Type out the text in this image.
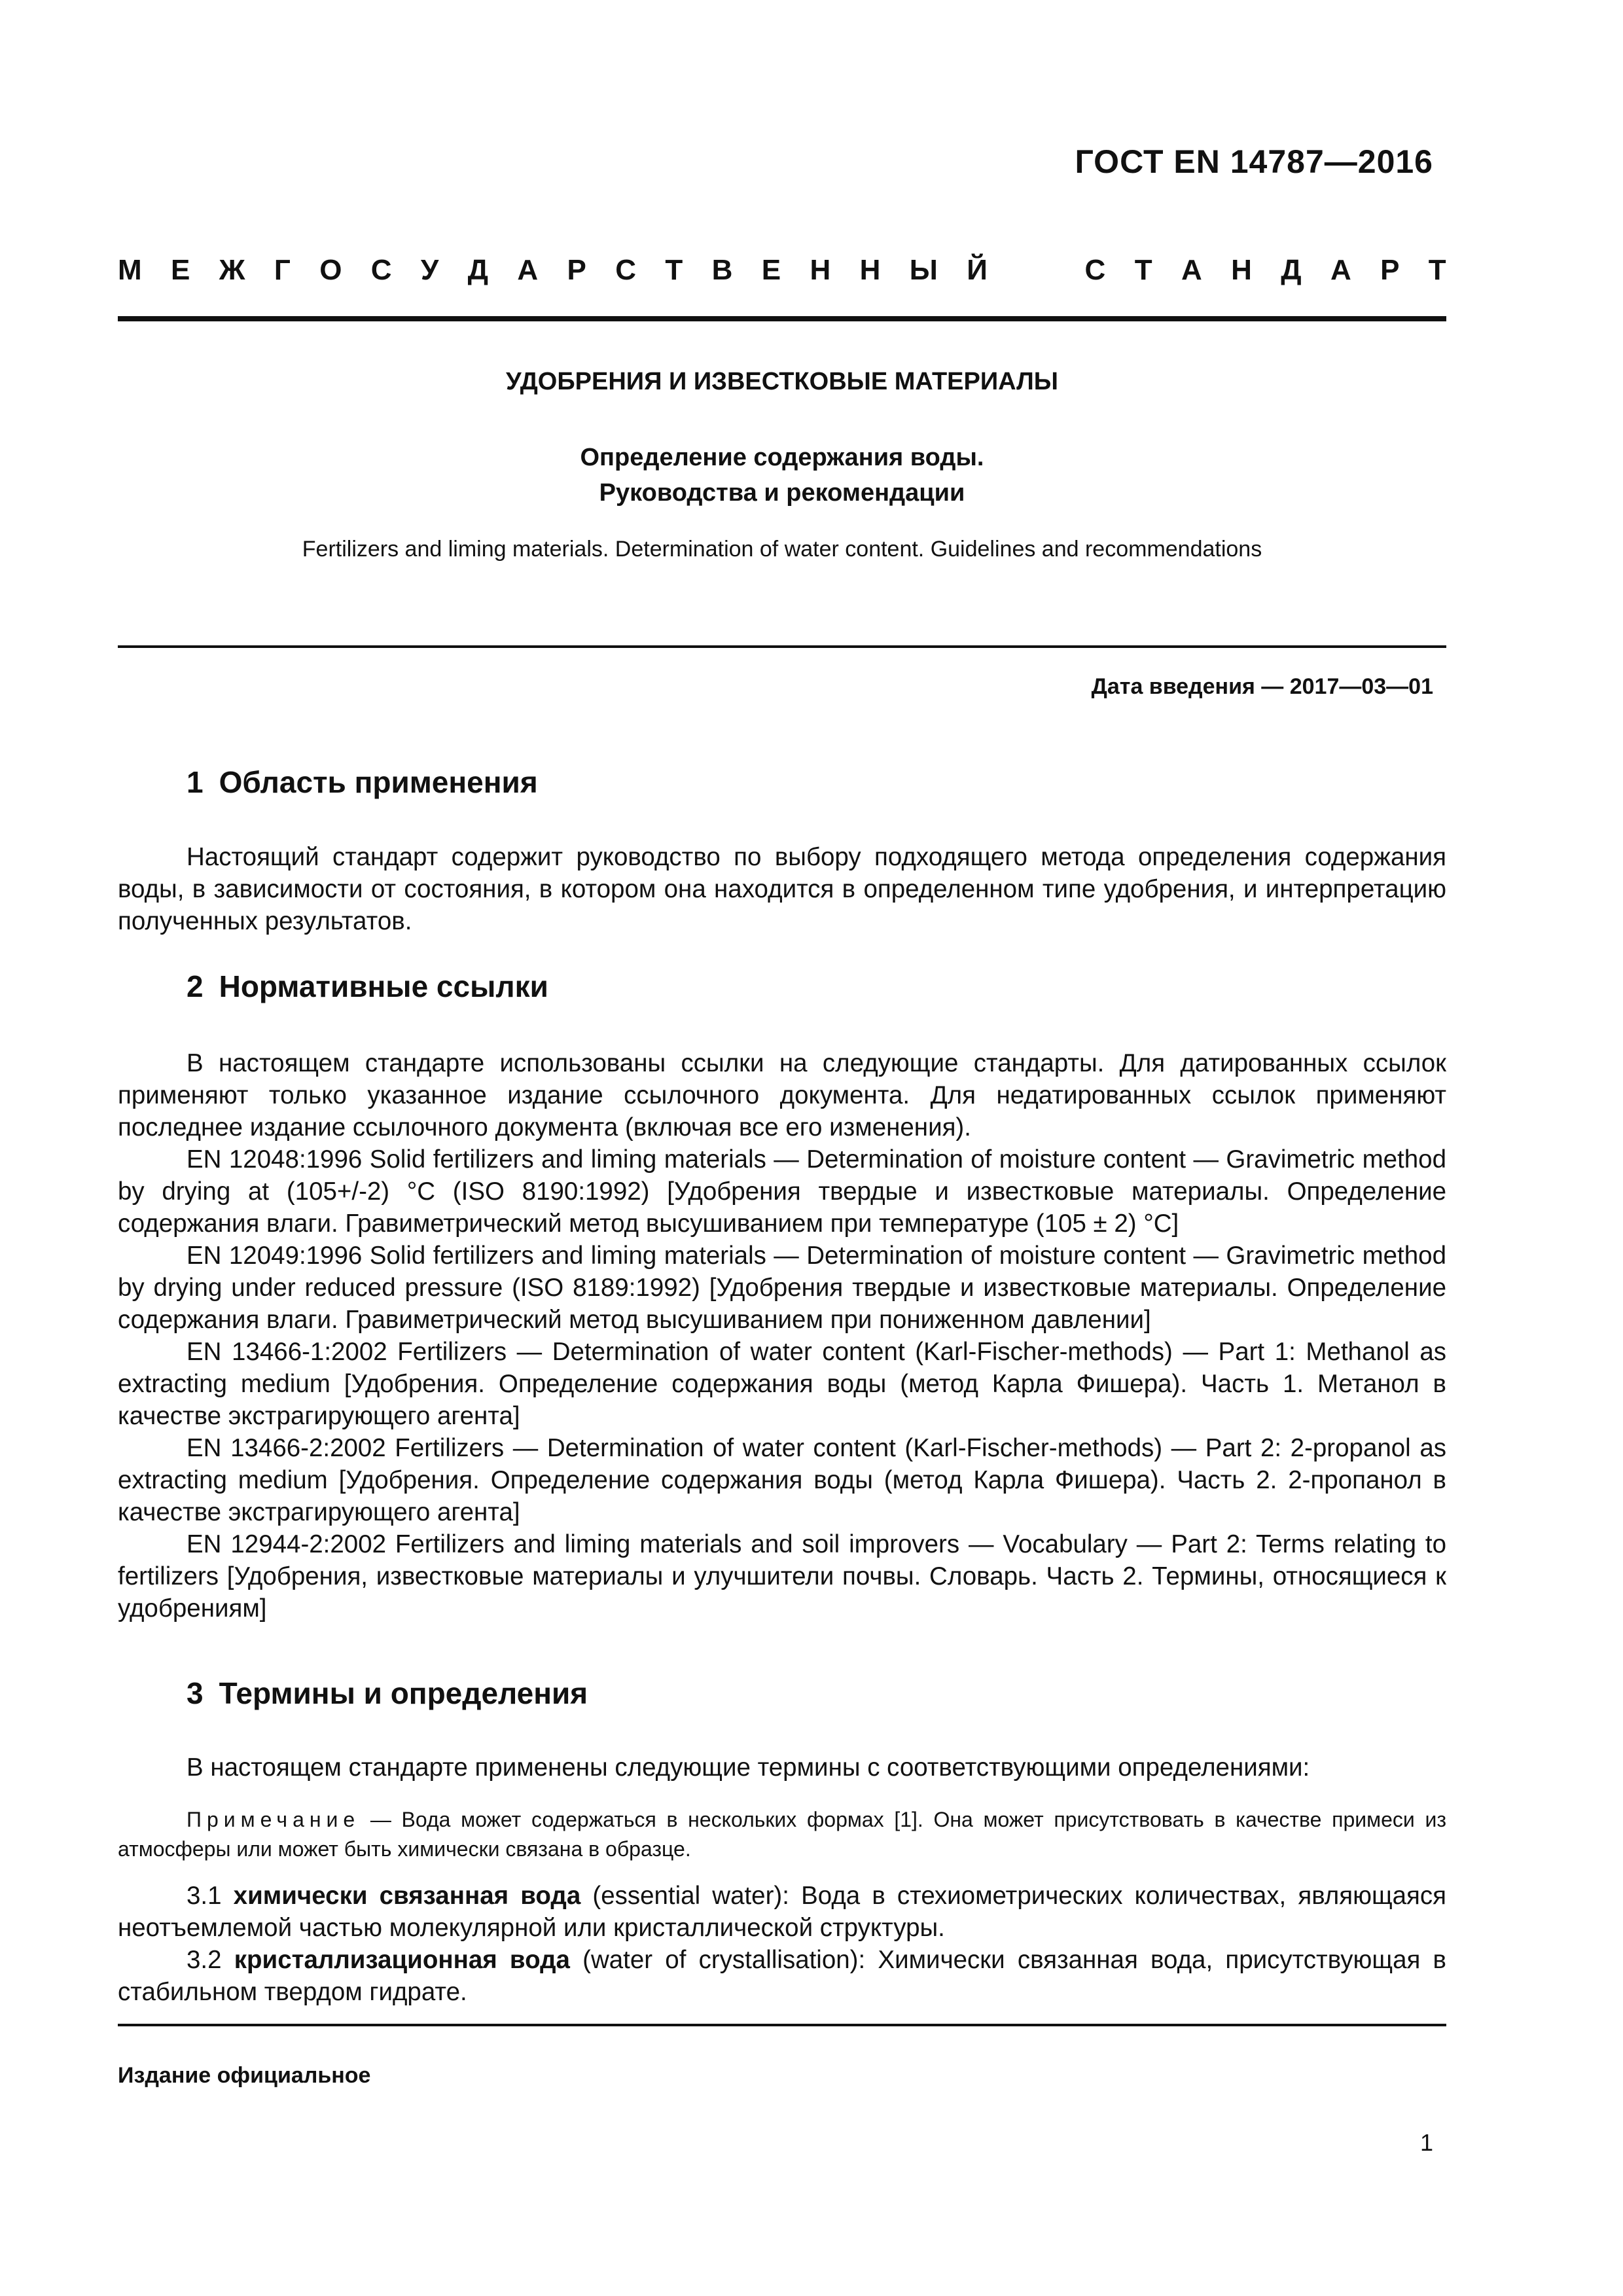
ГОСТ EN 14787—2016
М Е Ж Г О С У Д А Р С Т В Е Н Н Ы Й	С Т А Н Д А Р Т
УДОБРЕНИЯ И ИЗВЕСТКОВЫЕ МАТЕРИАЛЫ
Определение содержания воды.
Руководства и рекомендации
Fertilizers and liming materials. Determination of water content. Guidelines and recommendations
Дата введения — 2017—03—01
1 Область применения

Настоящий стандарт содержит руководство по выбору подходящего метода определения содержания воды, в зависимости от состояния, в котором она находится в определенном типе удобрения, и интерпретацию полученных результатов.

2 Нормативные ссылки

В настоящем стандарте использованы ссылки на следующие стандарты. Для датированных ссылок применяют только указанное издание ссылочного документа. Для недатированных ссылок применяют последнее издание ссылочного документа (включая все его изменения).

EN 12048:1996 Solid fertilizers and liming materials — Determination of moisture content — Gravimetric method by drying at (105+/-2) °С (ISO 8190:1992) [Удобрения твердые и известковые материалы. Определение содержания влаги. Гравиметрический метод высушиванием при температуре (105 ± 2) °С]

EN 12049:1996 Solid fertilizers and liming materials — Determination of moisture content — Gravimetric method by drying under reduced pressure (ISO 8189:1992) [Удобрения твердые и известковые материалы. Определение содержания влаги. Гравиметрический метод высушиванием при пониженном давлении]

EN 13466-1:2002 Fertilizers — Determination of water content (Karl-Fischer-methods) — Part 1: Methanol as extracting medium [Удобрения. Определение содержания воды (метод Карла Фишера). Часть 1. Метанол в качестве экстрагирующего агента]

EN 13466-2:2002 Fertilizers — Determination of water content (Karl-Fischer-methods) — Part 2: 2-propanol as extracting medium [Удобрения. Определение содержания воды (метод Карла Фишера). Часть 2. 2-пропанол в качестве экстрагирующего агента]

EN 12944-2:2002 Fertilizers and liming materials and soil improvers — Vocabulary — Part 2: Terms relating to fertilizers [Удобрения, известковые материалы и улучшители почвы. Словарь. Часть 2. Термины, относящиеся к удобрениям]

3 Термины и определения

В настоящем стандарте применены следующие термины с соответствующими определениями:

Примечание — Вода может содержаться в нескольких формах [1]. Она может присутствовать в качестве примеси из атмосферы или может быть химически связана в образце.

3.1 химически связанная вода (essential water): Вода в стехиометрических количествах, являющаяся неотъемлемой частью молекулярной или кристаллической структуры.

3.2 кристаллизационная вода (water of crystallisation): Химически связанная вода, присутствующая в стабильном твердом гидрате.

Издание официальное
1
